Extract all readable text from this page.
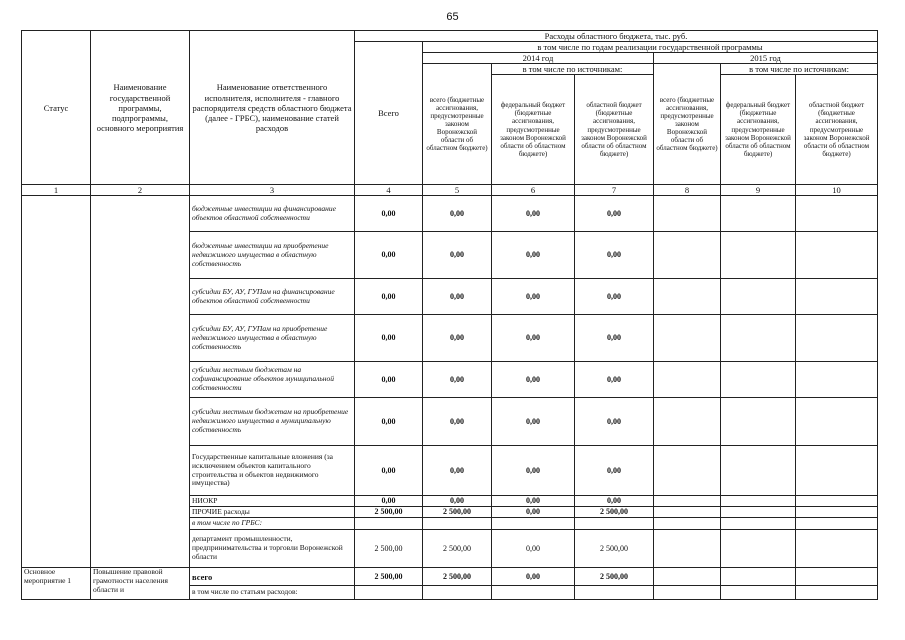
65
Статус	Наименование государственной программы, подпрограммы, основного мероприятия	Наименование ответственного исполнителя, исполнителя - главного распорядителя средств областного бюджета (далее - ГРБС), наименование статей расходов	Расходы областного бюджета, тыс. руб.						
			Всего	в том числе по годам реализации государственной программы					
				2014 год			2015 год		
				всего (бюджетные ассигнования, предусмотренные законом Воронежской области об областном бюджете)	в том числе по источникам:		всего (бюджетные ассигнования, предусмотренные законом Воронежской области об областном бюджете)	в том числе по источникам:	
					федеральный бюджет (бюджетные ассигнования, предусмотренные законом Воронежской области об областном бюджете)	областной бюджет (бюджетные ассигнования, предусмотренные законом Воронежской области об областном бюджете)		федеральный бюджет (бюджетные ассигнования, предусмотренные законом Воронежской области об областном бюджете)	областной бюджет (бюджетные ассигнования, предусмотренные законом Воронежской области об областном бюджете)
1	2	3	4	5	6	7	8	9	10
		бюджетные инвестиции на финансирование объектов областной собственности	0,00	0,00	0,00	0,00			
		бюджетные инвестиции на приобретение недвижимого имущества в областную собственность	0,00	0,00	0,00	0,00			
		субсидии БУ, АУ, ГУПам на финансирование объектов областной собственности	0,00	0,00	0,00	0,00			
		субсидии БУ, АУ, ГУПам на приобретение недвижимого имущества в областную собственность	0,00	0,00	0,00	0,00			
		субсидии местным бюджетам на софинансирование объектов муниципальной собственности	0,00	0,00	0,00	0,00			
		субсидии местным бюджетам на приобретение недвижимого имущества в муниципальную собственность	0,00	0,00	0,00	0,00			
		Государственные капитальные вложения (за исключением объектов капитального строительства и объектов недвижимого имущества)	0,00	0,00	0,00	0,00			
		НИОКР	0,00	0,00	0,00	0,00			
		ПРОЧИЕ расходы	2 500,00	2 500,00	0,00	2 500,00			
		в том числе по ГРБС:							
		департамент промышленности, предпринимательства и торговли Воронежской области	2 500,00	2 500,00	0,00	2 500,00			
Основное мероприятие 1	Повышение правовой грамотности населения области и	всего	2 500,00	2 500,00	0,00	2 500,00			
		в том числе по статьям расходов:							
